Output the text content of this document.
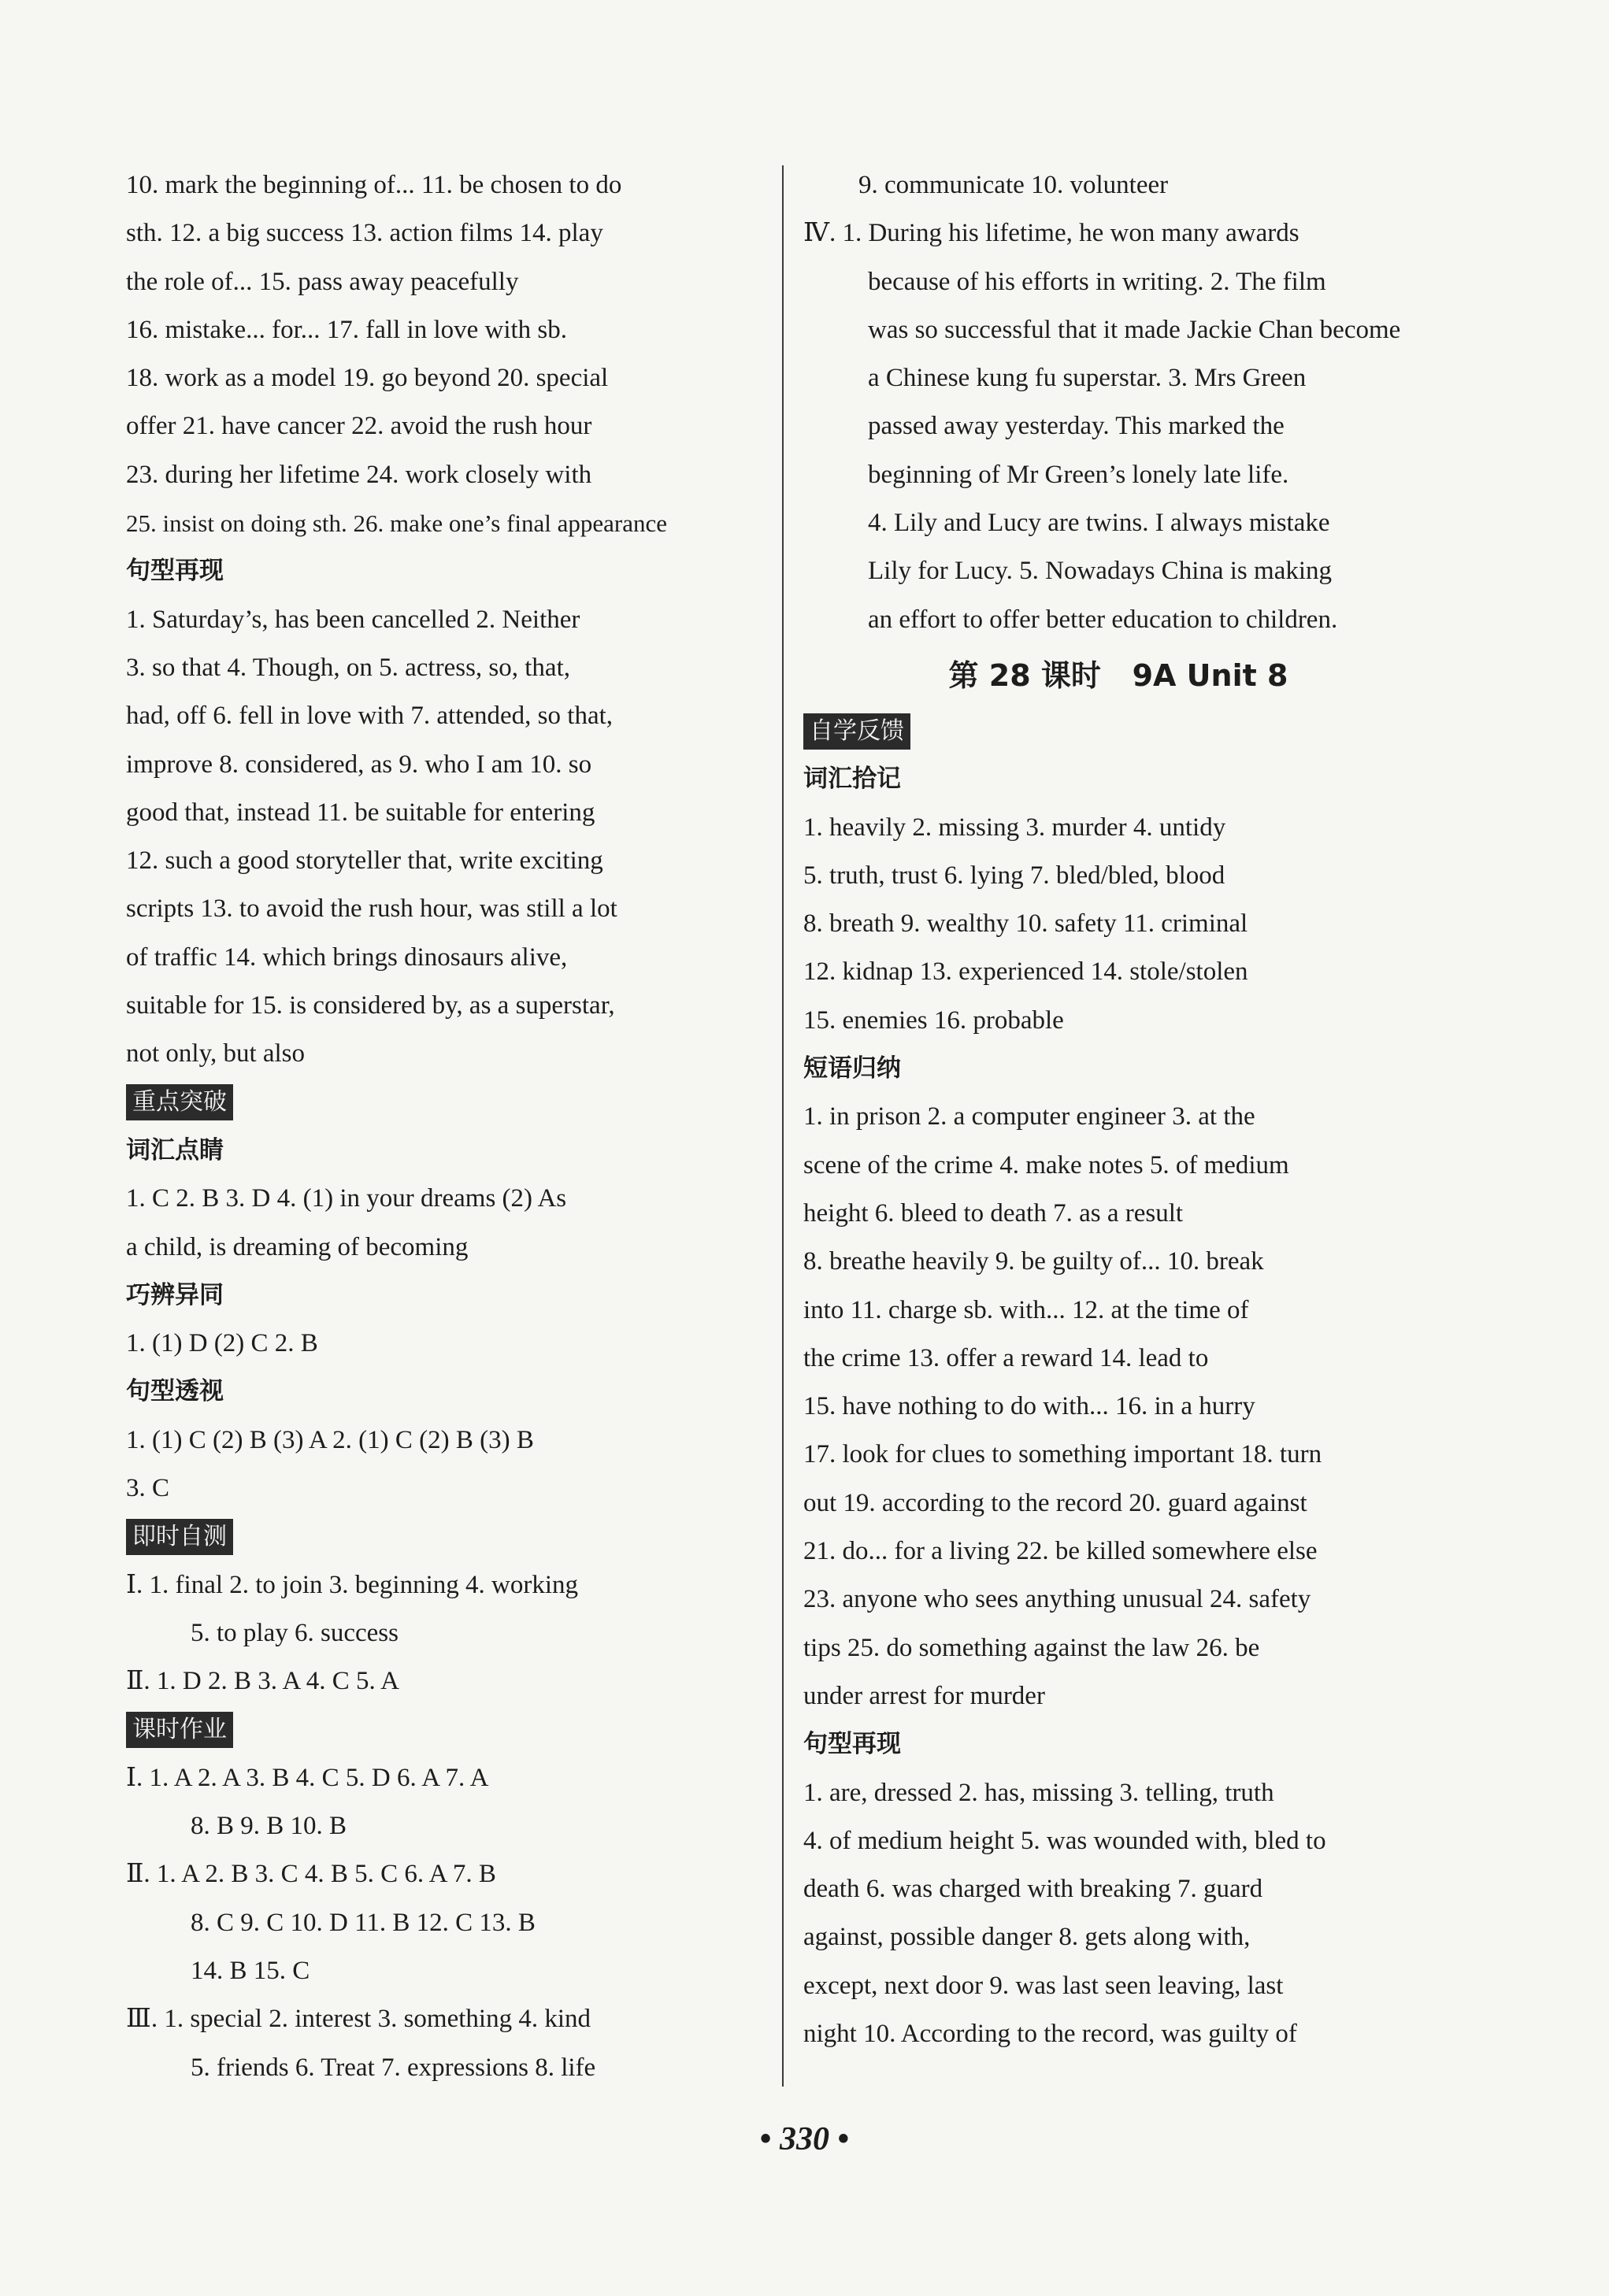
10. mark the beginning of... 11. be chosen to do
sth. 12. a big success 13. action films 14. play
the role of... 15. pass away peacefully
16. mistake... for... 17. fall in love with sb.
18. work as a model 19. go beyond 20. special
offer 21. have cancer 22. avoid the rush hour
23. during her lifetime 24. work closely with
25. insist on doing sth. 26. make one’s final appearance
句型再现
1. Saturday’s, has been cancelled 2. Neither
3. so that 4. Though, on 5. actress, so, that,
had, off 6. fell in love with 7. attended, so that,
improve 8. considered, as 9. who I am 10. so
good that, instead 11. be suitable for entering
12. such a good storyteller that, write exciting
scripts 13. to avoid the rush hour, was still a lot
of traffic 14. which brings dinosaurs alive,
suitable for 15. is considered by, as a superstar,
not only, but also
重点突破
词汇点睛
1. C 2. B 3. D 4. (1) in your dreams (2) As
a child, is dreaming of becoming
巧辨异同
1. (1) D (2) C 2. B
句型透视
1. (1) C (2) B (3) A 2. (1) C (2) B (3) B
3. C
即时自测
Ⅰ. 1. final 2. to join 3. beginning 4. working
5. to play 6. success
Ⅱ. 1. D 2. B 3. A 4. C 5. A
课时作业
Ⅰ. 1. A 2. A 3. B 4. C 5. D 6. A 7. A
8. B 9. B 10. B
Ⅱ. 1. A 2. B 3. C 4. B 5. C 6. A 7. B
8. C 9. C 10. D 11. B 12. C 13. B
14. B 15. C
Ⅲ. 1. special 2. interest 3. something 4. kind
5. friends 6. Treat 7. expressions 8. life
9. communicate 10. volunteer
Ⅳ. 1. During his lifetime, he won many awards
because of his efforts in writing. 2. The film
was so successful that it made Jackie Chan become
a Chinese kung fu superstar. 3. Mrs Green
passed away yesterday. This marked the
beginning of Mr Green’s lonely late life.
4. Lily and Lucy are twins. I always mistake
Lily for Lucy. 5. Nowadays China is making
an effort to offer better education to children.
第 28 课时   9A Unit 8
自学反馈
词汇拾记
1. heavily 2. missing 3. murder 4. untidy
5. truth, trust 6. lying 7. bled/bled, blood
8. breath 9. wealthy 10. safety 11. criminal
12. kidnap 13. experienced 14. stole/stolen
15. enemies 16. probable
短语归纳
1. in prison 2. a computer engineer 3. at the
scene of the crime 4. make notes 5. of medium
height 6. bleed to death 7. as a result
8. breathe heavily 9. be guilty of... 10. break
into 11. charge sb. with... 12. at the time of
the crime 13. offer a reward 14. lead to
15. have nothing to do with... 16. in a hurry
17. look for clues to something important 18. turn
out 19. according to the record 20. guard against
21. do... for a living 22. be killed somewhere else
23. anyone who sees anything unusual 24. safety
tips 25. do something against the law 26. be
under arrest for murder
句型再现
1. are, dressed 2. has, missing 3. telling, truth
4. of medium height 5. was wounded with, bled to
death 6. was charged with breaking 7. guard
against, possible danger 8. gets along with,
except, next door 9. was last seen leaving, last
night 10. According to the record, was guilty of
• 330 •
